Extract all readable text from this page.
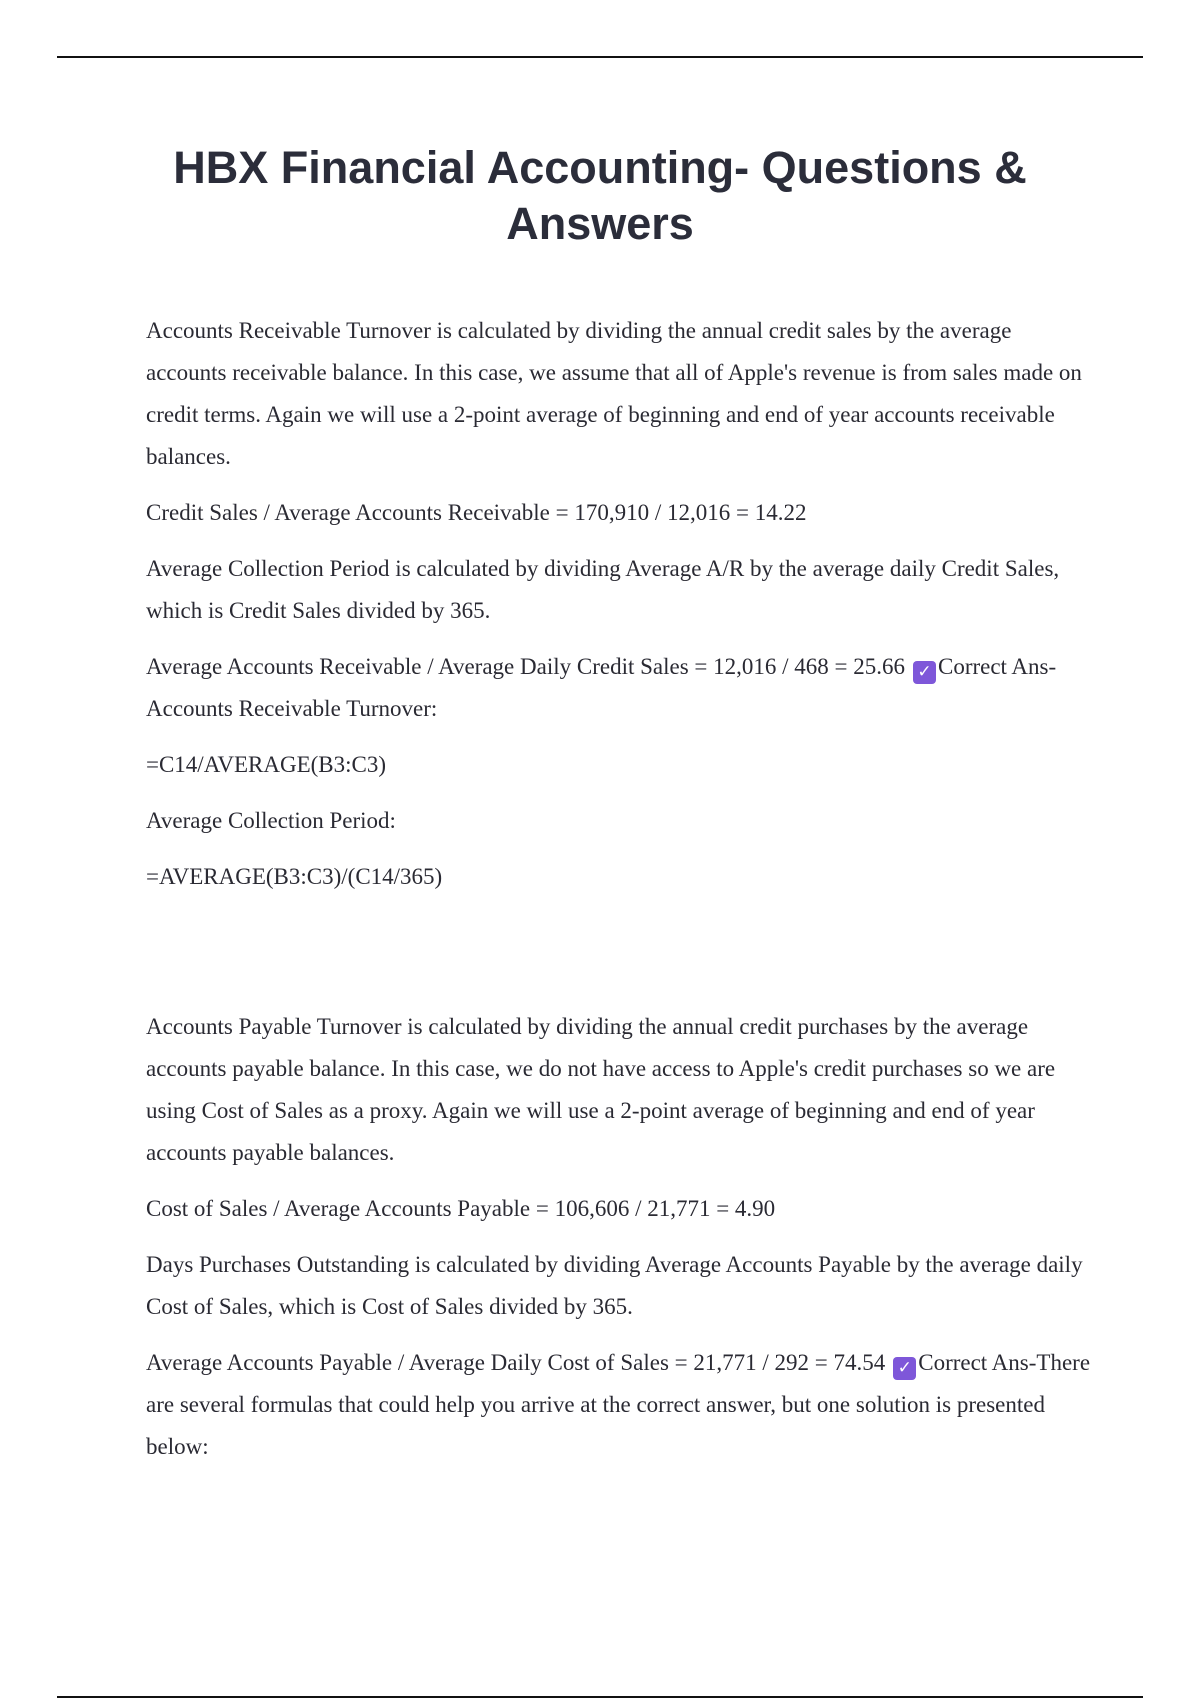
HBX Financial Accounting- Questions & Answers

Accounts Receivable Turnover is calculated by dividing the annual credit sales by the average accounts receivable balance. In this case, we assume that all of Apple's revenue is from sales made on credit terms. Again we will use a 2-point average of beginning and end of year accounts receivable balances.

Credit Sales / Average Accounts Receivable = 170,910 / 12,016 = 14.22

Average Collection Period is calculated by dividing Average A/R by the average daily Credit Sales, which is Credit Sales divided by 365.

Average Accounts Receivable / Average Daily Credit Sales = 12,016 / 468 = 25.66 ✓ Correct Ans-Accounts Receivable Turnover:

=C14/AVERAGE(B3:C3)

Average Collection Period:

=AVERAGE(B3:C3)/(C14/365)

Accounts Payable Turnover is calculated by dividing the annual credit purchases by the average accounts payable balance. In this case, we do not have access to Apple's credit purchases so we are using Cost of Sales as a proxy. Again we will use a 2-point average of beginning and end of year accounts payable balances.

Cost of Sales / Average Accounts Payable = 106,606 / 21,771 = 4.90

Days Purchases Outstanding is calculated by dividing Average Accounts Payable by the average daily Cost of Sales, which is Cost of Sales divided by 365.

Average Accounts Payable / Average Daily Cost of Sales = 21,771 / 292 = 74.54 ✓ Correct Ans-There are several formulas that could help you arrive at the correct answer, but one solution is presented below:
